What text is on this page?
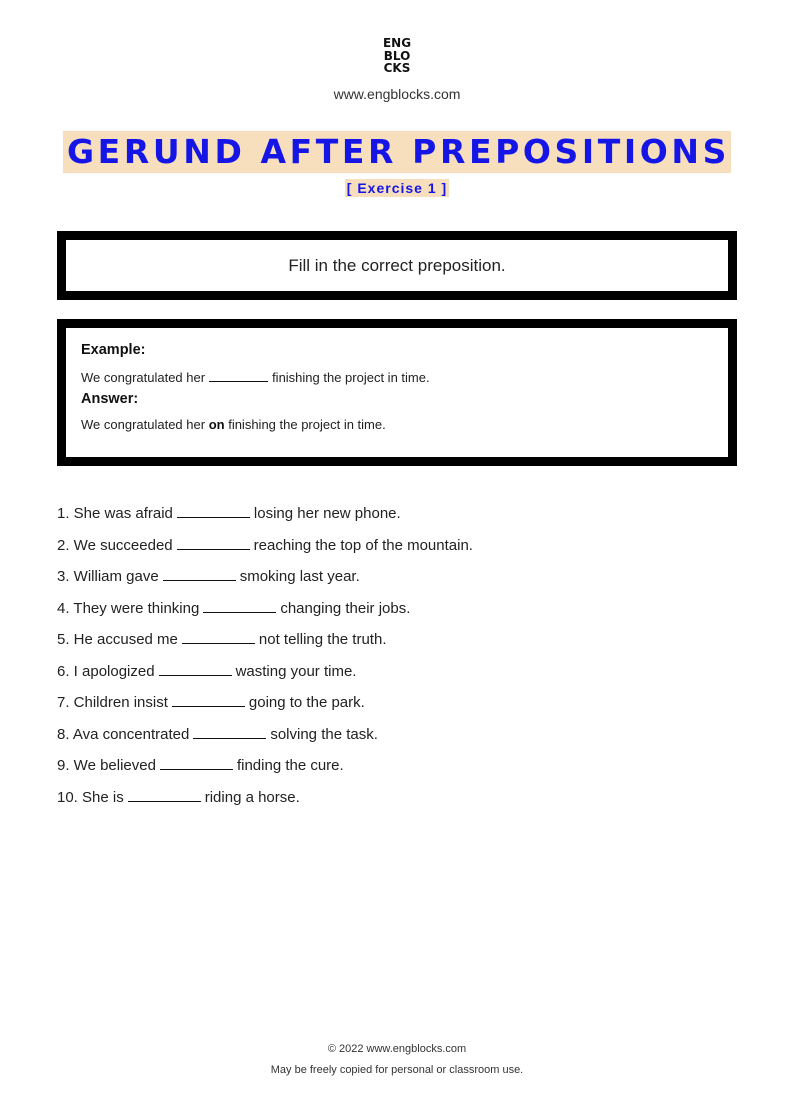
ENG
BLO
CKS
www.engblocks.com
GERUND AFTER PREPOSITIONS
[ Exercise 1 ]
Fill in the correct preposition.
Example:
We congratulated her	finishing the project in time.
Answer:
We congratulated her on finishing the project in time.
1. She was afraid	losing her new phone.
2. We succeeded	reaching the top of the mountain.
3. William gave	smoking last year.
4. They were thinking	changing their jobs.
5. He accused me	not telling the truth.
6. I apologized	wasting your time.
7. Children insist	going to the park.
8. Ava concentrated	solving the task.
9. We believed	finding the cure.
10. She is	riding a horse.
© 2022 www.engblocks.com
May be freely copied for personal or classroom use.
